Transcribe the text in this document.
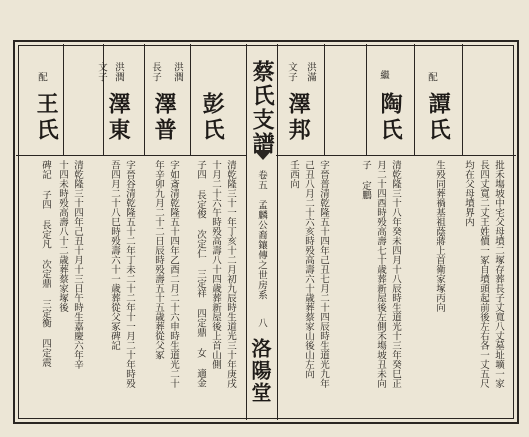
蔡氏支譜
卷五
孟麟公裔鑲傳之世房系
八
洛陽堂
文子 洪滿	繼	配
澤邦	陶氏 譚氏
批禾塲坡中宅父母墳二塚存葬長子丈寬八丈墓址壙一家
長四丈寬二丈王姓價一冢自墳頭起前後左右各一丈五尺
均在父母墳界内
生殁同葬禍基祖蔭蔣上首衛家塚丙向
清乾隆三十八年癸未四月十八辰時生道光十三年癸巳正
月二十四酉時殁高壽七十歳葬新屋後左側禾塲坡丑未向
子 定鵬
字晉普清乾隆五十四年己丑七月二十四辰時生道光九年
己丑八月二十六亥時殁高壽六十歳葬蔡家山後山左向
壬西向
文子 洪潤	長子 洪潤
配
彭氏
澤普
澤東
王氏
清乾隆三十一年丁亥十二月初九辰時生道光三十年庚戌
十月二十六午時殁高壽八十四歳葬新屋後上首山側
子四 長定俊 次定仁 三定祥 四定鼎 女 適金
字如斎清乾隆五十四年乙酉二月二十六申時生道光二十
年辛卯九月二十二日辰時殁壽五十五歳葬從父冢
字晉谷清乾隆五十二年丁未二十二年十一月二十年時殁
吾四月二十八巳時殁壽六十一歳葬從父冢碑記
清乾隆三十四年己丑十月十三日午時生嘉慶六年辛
十四未時殁高壽八十二歳葬蔡家塚後
碑記 子四 長定凡 次定鼎 三定衡 四定震
